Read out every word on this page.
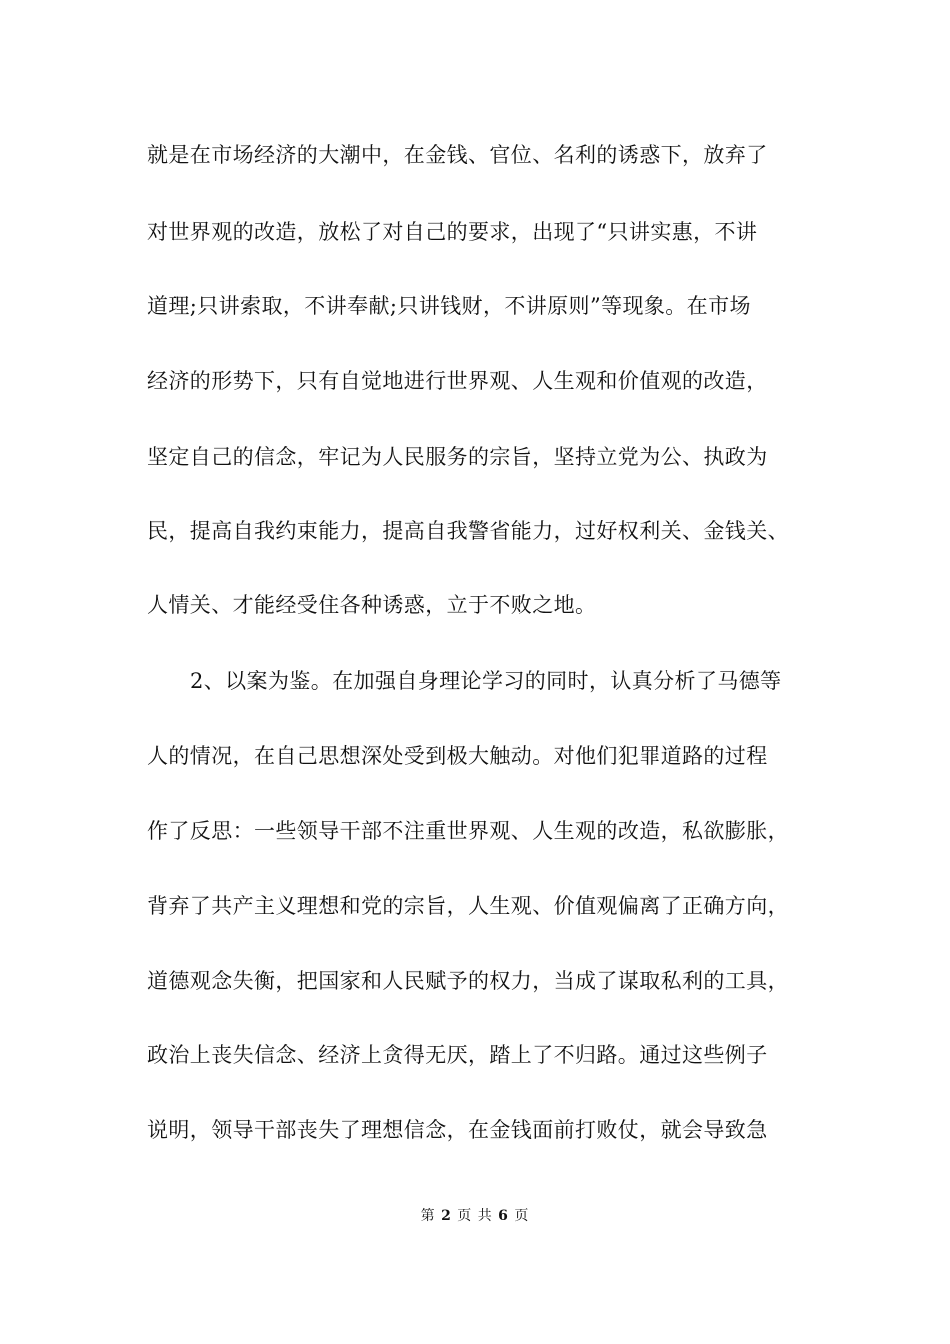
就是在市场经济的大潮中，在金钱、官位、名利的诱惑下，放弃了
对世界观的改造，放松了对自己的要求，出现了“只讲实惠，不讲
道理;只讲索取，不讲奉献;只讲钱财，不讲原则”等现象。在市场
经济的形势下，只有自觉地进行世界观、人生观和价值观的改造，
坚定自己的信念，牢记为人民服务的宗旨，坚持立党为公、执政为
民，提高自我约束能力，提高自我警省能力，过好权利关、金钱关、
人情关、才能经受住各种诱惑，立于不败之地。
2、以案为鉴。在加强自身理论学习的同时，认真分析了马德等
人的情况，在自己思想深处受到极大触动。对他们犯罪道路的过程
作了反思：一些领导干部不注重世界观、人生观的改造，私欲膨胀，
背弃了共产主义理想和党的宗旨，人生观、价值观偏离了正确方向，
道德观念失衡，把国家和人民赋予的权力，当成了谋取私利的工具，
政治上丧失信念、经济上贪得无厌，踏上了不归路。通过这些例子
说明，领导干部丧失了理想信念，在金钱面前打败仗，就会导致急
第 2 页 共 6 页
